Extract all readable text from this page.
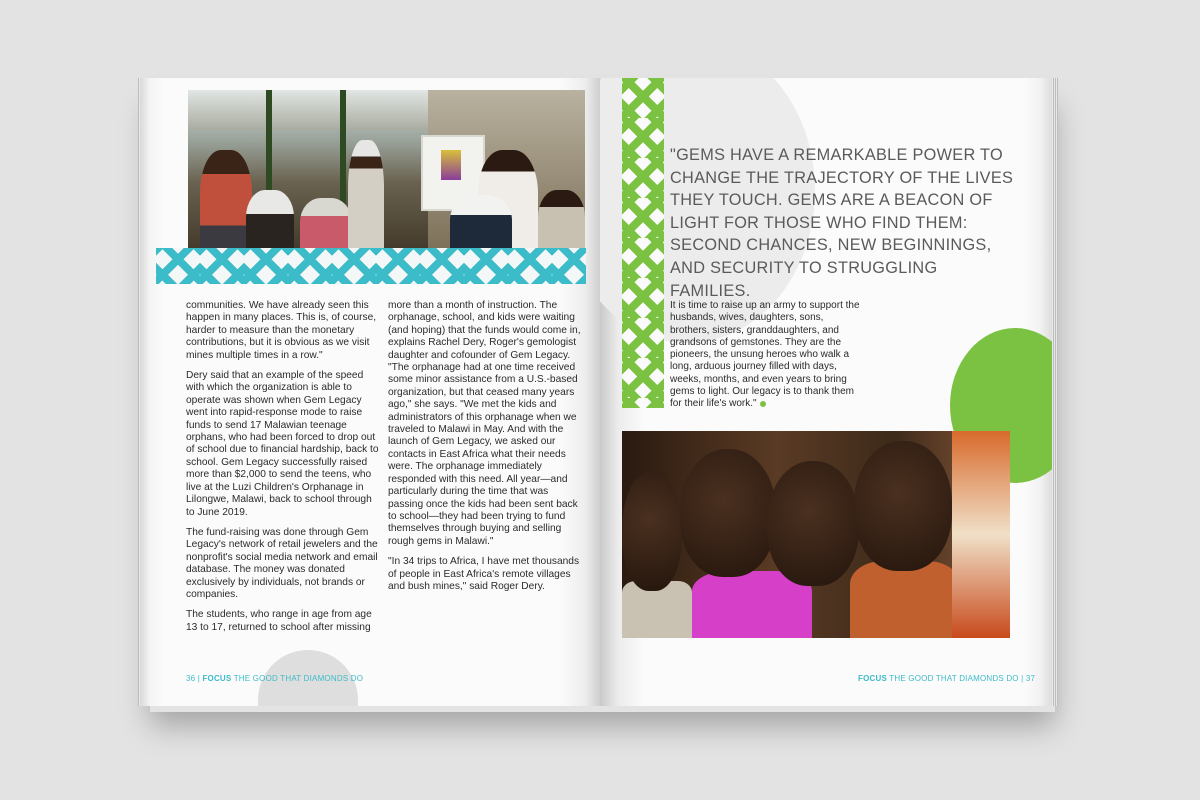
communities. We have already seen this happen in many places. This is, of course, harder to measure than the monetary contributions, but it is obvious as we visit mines multiple times in a row."

Dery said that an example of the speed with which the organization is able to operate was shown when Gem Legacy went into rapid-response mode to raise funds to send 17 Malawian teenage orphans, who had been forced to drop out of school due to financial hardship, back to school. Gem Legacy successfully raised more than $2,000 to send the teens, who live at the Luzi Children's Orphanage in Lilongwe, Malawi, back to school through to June 2019.

The fund-raising was done through Gem Legacy's network of retail jewelers and the nonprofit's social media network and email database. The money was donated exclusively by individuals, not brands or companies.

The students, who range in age from age 13 to 17, returned to school after missing

more than a month of instruction. The orphanage, school, and kids were waiting (and hoping) that the funds would come in, explains Rachel Dery, Roger's gemologist daughter and cofounder of Gem Legacy. "The orphanage had at one time received some minor assistance from a U.S.-based organization, but that ceased many years ago," she says. "We met the kids and administrators of this orphanage when we traveled to Malawi in May. And with the launch of Gem Legacy, we asked our contacts in East Africa what their needs were. The orphanage immediately responded with this need. All year—and particularly during the time that was passing once the kids had been sent back to school—they had been trying to fund themselves through buying and selling rough gems in Malawi."

"In 34 trips to Africa, I have met thousands of people in East Africa's remote villages and bush mines," said Roger Dery.

36 | FOCUS THE GOOD THAT DIAMONDS DO
"GEMS HAVE A REMARKABLE POWER TO CHANGE THE TRAJECTORY OF THE LIVES THEY TOUCH. GEMS ARE A BEACON OF LIGHT FOR THOSE WHO FIND THEM: SECOND CHANCES, NEW BEGINNINGS, AND SECURITY TO STRUGGLING FAMILIES.
It is time to raise up an army to support the husbands, wives, daughters, sons, brothers, sisters, granddaughters, and grandsons of gemstones. They are the pioneers, the unsung heroes who walk a long, arduous journey filled with days, weeks, months, and even years to bring gems to light. Our legacy is to thank them for their life's work."
FOCUS THE GOOD THAT DIAMONDS DO | 37
